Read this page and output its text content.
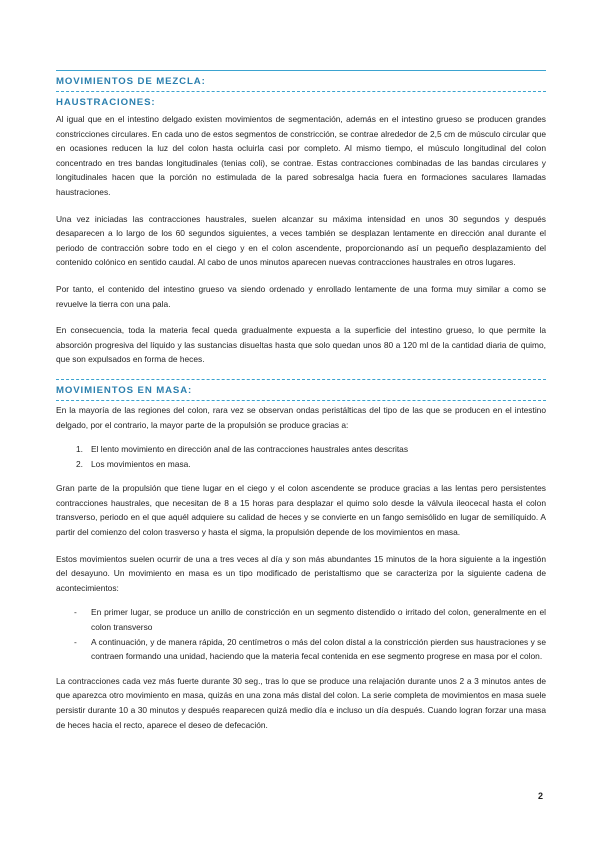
MOVIMIENTOS DE MEZCLA:
HAUSTRACIONES:

Al igual que en el intestino delgado existen movimientos de segmentación, además en el intestino grueso se producen grandes constricciones circulares. En cada uno de estos segmentos de constricción, se contrae alrededor de 2,5 cm de músculo circular que en ocasiones reducen la luz del colon hasta ocluirla casi por completo. Al mismo tiempo, el músculo longitudinal del colon concentrado en tres bandas longitudinales (tenias coli), se contrae. Estas contracciones combinadas de las bandas circulares y longitudinales hacen que la porción no estimulada de la pared sobresalga hacia fuera en formaciones saculares llamadas haustraciones.

Una vez iniciadas las contracciones haustrales, suelen alcanzar su máxima intensidad en unos 30 segundos y después desaparecen a lo largo de los 60 segundos siguientes, a veces también se desplazan lentamente en dirección anal durante el periodo de contracción sobre todo en el ciego y en el colon ascendente, proporcionando así un pequeño desplazamiento del contenido colónico en sentido caudal. Al cabo de unos minutos aparecen nuevas contracciones haustrales en otros lugares.

Por tanto, el contenido del intestino grueso va siendo ordenado y enrollado lentamente de una forma muy similar a como se revuelve la tierra con una pala.

En consecuencia, toda la materia fecal queda gradualmente expuesta a la superficie del intestino grueso, lo que permite la absorción progresiva del líquido y las sustancias disueltas hasta que solo quedan unos 80 a 120 ml de la cantidad diaria de quimo, que son expulsados en forma de heces.

MOVIMIENTOS EN MASA:

En la mayoría de las regiones del colon, rara vez se observan ondas peristálticas del tipo de las que se producen en el intestino delgado, por el contrario, la mayor parte de la propulsión se produce gracias a:

1. El lento movimiento en dirección anal de las contracciones haustrales antes descritas
2. Los movimientos en masa.

Gran parte de la propulsión que tiene lugar en el ciego y el colon ascendente se produce gracias a las lentas pero persistentes contracciones haustrales, que necesitan de 8 a 15 horas para desplazar el quimo solo desde la válvula ileocecal hasta el colon transverso, periodo en el que aquél adquiere su calidad de heces y se convierte en un fango semisólido en lugar de semilíquido. A partir del comienzo del colon trasverso y hasta el sigma, la propulsión depende de los movimientos en masa.

Estos movimientos suelen ocurrir de una a tres veces al día y son más abundantes 15 minutos de la hora siguiente a la ingestión del desayuno. Un movimiento en masa es un tipo modificado de peristaltismo que se caracteriza por la siguiente cadena de acontecimientos:

- En primer lugar, se produce un anillo de constricción en un segmento distendido o irritado del colon, generalmente en el colon transverso
- A continuación, y de manera rápida, 20 centímetros o más del colon distal a la constricción pierden sus haustraciones y se contraen formando una unidad, haciendo que la materia fecal contenida en ese segmento progrese en masa por el colon.

La contracciones cada vez más fuerte durante 30 seg., tras lo que se produce una relajación durante unos 2 a 3 minutos antes de que aparezca otro movimiento en masa, quizás en una zona más distal del colon. La serie completa de movimientos en masa suele persistir durante 10 a 30 minutos y después reaparecen quizá medio día e incluso un día después. Cuando logran forzar una masa de heces hacia el recto, aparece el deseo de defecación.

2
